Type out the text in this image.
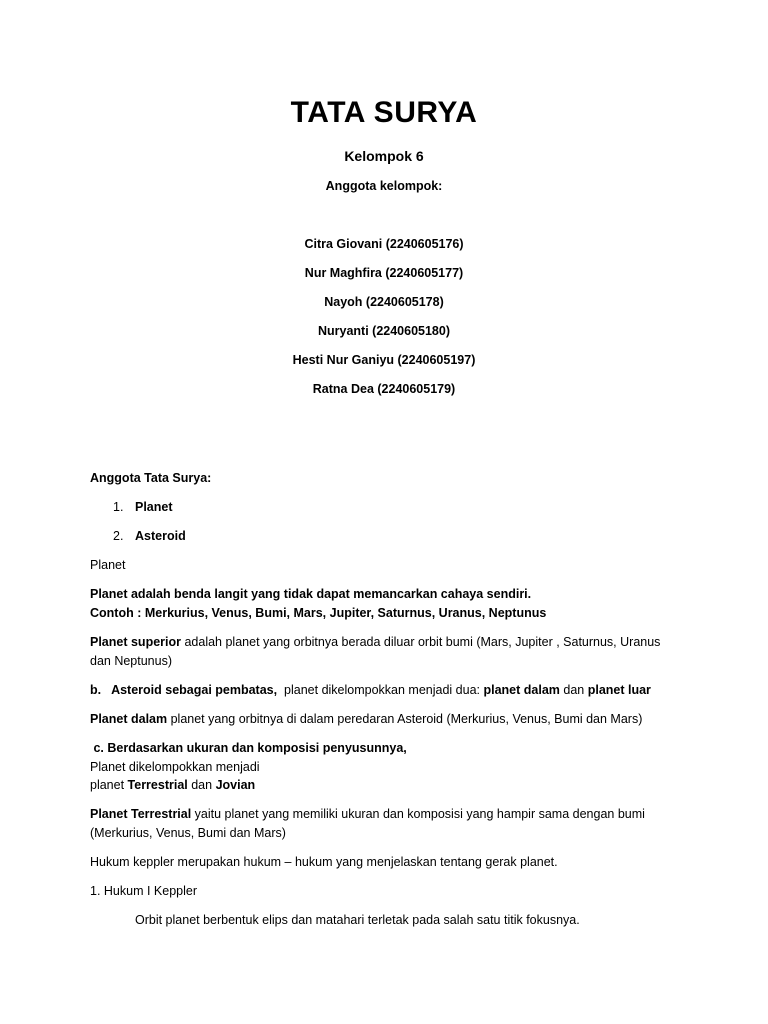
TATA SURYA

Kelompok 6

Anggota kelompok:

Citra Giovani (2240605176)

Nur Maghfira (2240605177)

Nayoh (2240605178)

Nuryanti (2240605180)

Hesti Nur Ganiyu (2240605197)

Ratna Dea (2240605179)

Anggota Tata Surya:

1. Planet

2. Asteroid

Planet

Planet adalah benda langit yang tidak dapat memancarkan cahaya sendiri.
Contoh : Merkurius, Venus, Bumi, Mars, Jupiter, Saturnus, Uranus, Neptunus

Planet superior adalah planet yang orbitnya berada diluar orbit bumi (Mars, Jupiter , Saturnus, Uranus
dan Neptunus)

b.   Asteroid sebagai pembatas,  planet dikelompokkan menjadi dua: planet dalam dan planet luar

Planet dalam planet yang orbitnya di dalam peredaran Asteroid (Merkurius, Venus, Bumi dan Mars)

c. Berdasarkan ukuran dan komposisi penyusunnya,
Planet dikelompokkan menjadi
planet Terrestrial dan Jovian

Planet Terrestrial yaitu planet yang memiliki ukuran dan komposisi yang hampir sama dengan bumi
(Merkurius, Venus, Bumi dan Mars)

Hukum keppler merupakan hukum – hukum yang menjelaskan tentang gerak planet.

1. Hukum I Keppler

Orbit planet berbentuk elips dan matahari terletak pada salah satu titik fokusnya.
